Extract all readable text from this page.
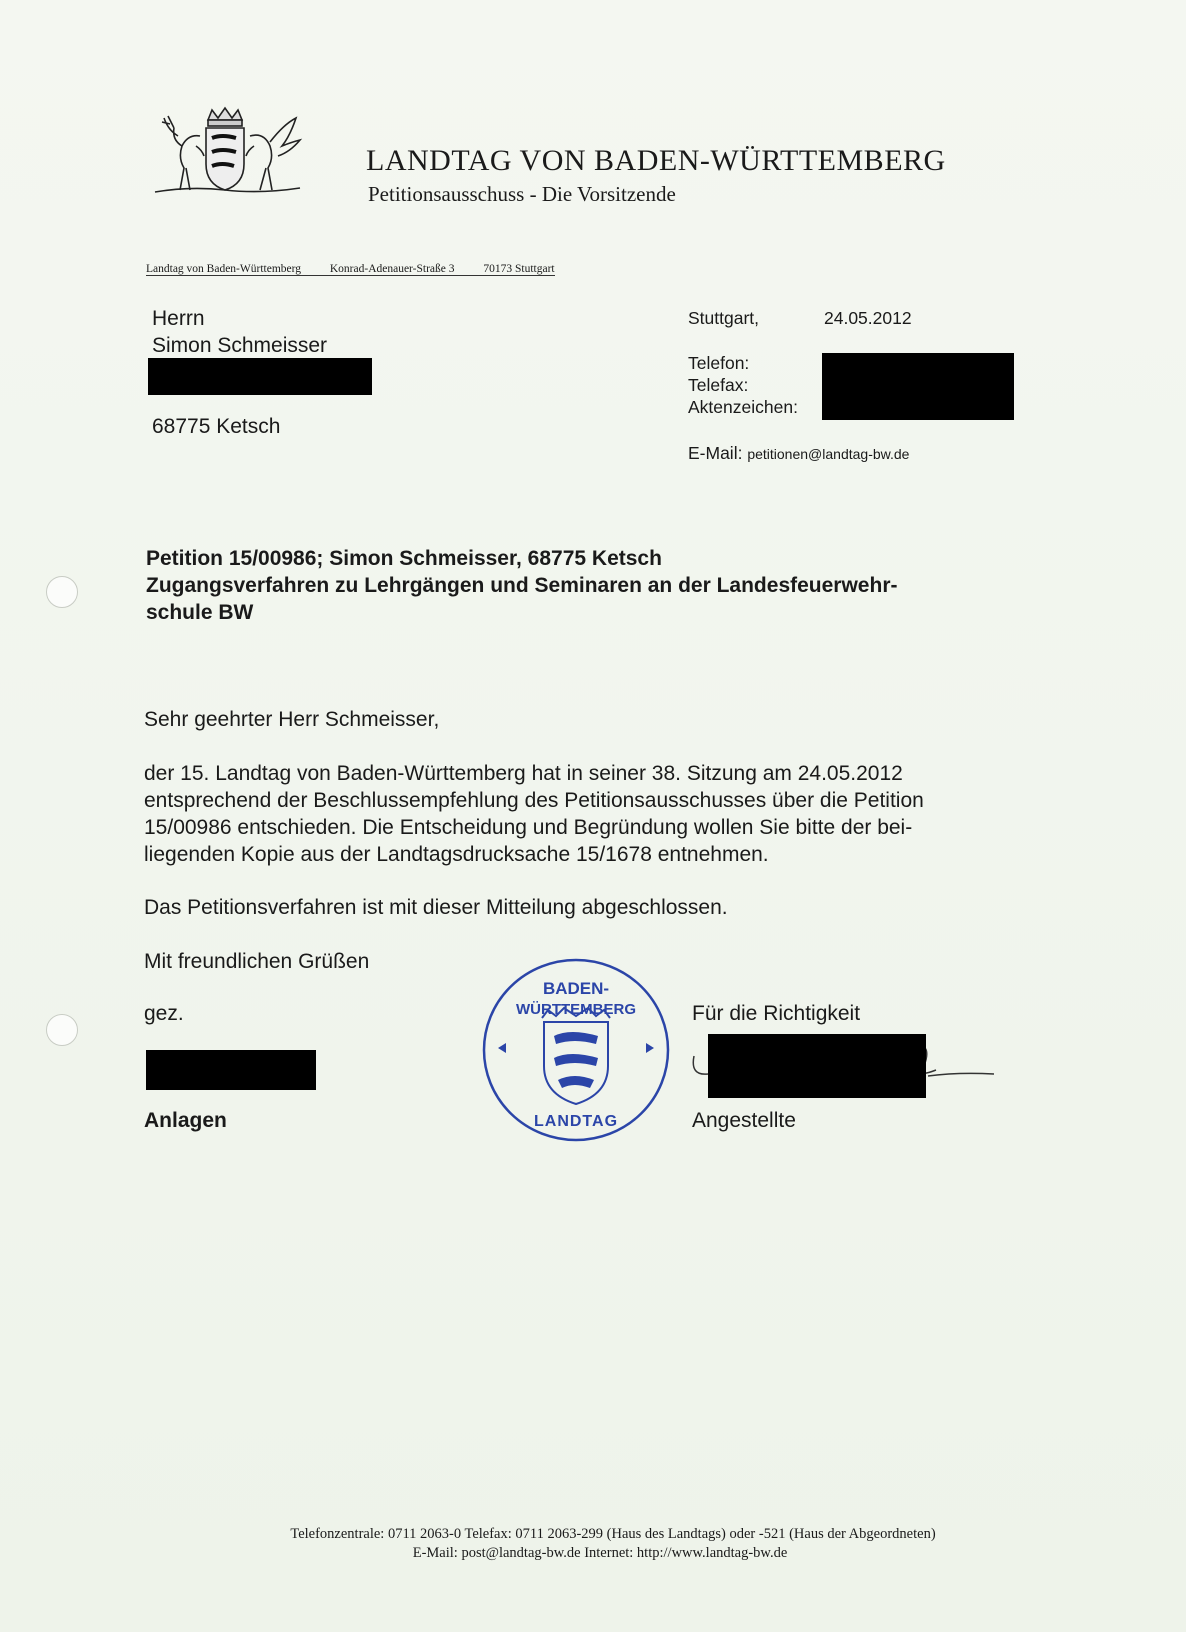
LANDTAG VON BADEN-WÜRTTEMBERG
Petitionsausschuss - Die Vorsitzende
Landtag von Baden-Württemberg	Konrad-Adenauer-Straße 3	70173 Stuttgart
Herrn
Simon Schmeisser
68775 Ketsch
Stuttgart,	24.05.2012
Telefon:
Telefax:
Aktenzeichen:
E-Mail: petitionen@landtag-bw.de
Petition 15/00986; Simon Schmeisser, 68775 Ketsch
Zugangsverfahren zu Lehrgängen und Seminaren an der Landesfeuerwehr-
schule BW
Sehr geehrter Herr Schmeisser,
der 15. Landtag von Baden-Württemberg hat in seiner 38. Sitzung am 24.05.2012
entsprechend der Beschlussempfehlung des Petitionsausschusses über die Petition
15/00986 entschieden. Die Entscheidung und Begründung wollen Sie bitte der bei-
liegenden Kopie aus der Landtagsdrucksache 15/1678 entnehmen.
Das Petitionsverfahren ist mit dieser Mitteilung abgeschlossen.
Mit freundlichen Grüßen
gez.
Anlagen
BADEN-
WÜRTTEMBERG
LANDTAG
Für die Richtigkeit
Angestellte
Telefonzentrale: 0711 2063-0 Telefax: 0711 2063-299 (Haus des Landtags) oder -521 (Haus der Abgeordneten)
E-Mail: post@landtag-bw.de Internet: http://www.landtag-bw.de
